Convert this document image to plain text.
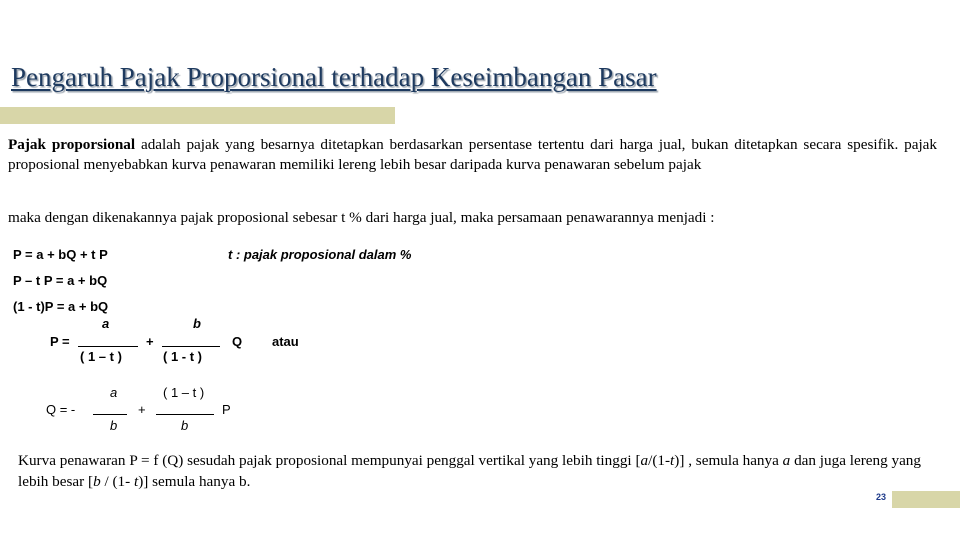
Pengaruh Pajak Proporsional terhadap Keseimbangan Pasar

Pajak proporsional adalah pajak yang besarnya ditetapkan berdasarkan persentase tertentu dari harga jual, bukan ditetapkan secara spesifik. pajak proposional menyebabkan kurva penawaran memiliki lereng lebih besar daripada kurva penawaran sebelum pajak

maka dengan dikenakannya pajak proposional sebesar t % dari harga jual, maka persamaan penawarannya menjadi :

P = a + bQ + t P	t : pajak proposional dalam %
P – t P = a + bQ
(1 - t)P = a + bQ
P =
a
( 1 – t )
+
b
( 1 - t )
Q atau
Q = -
a
b
+
( 1 – t )
b
P

Kurva penawaran P = f (Q) sesudah pajak proposional mempunyai penggal vertikal yang lebih tinggi [a/(1-t)] , semula hanya a dan juga lereng yang lebih besar [b / (1- t)] semula hanya b.

23
